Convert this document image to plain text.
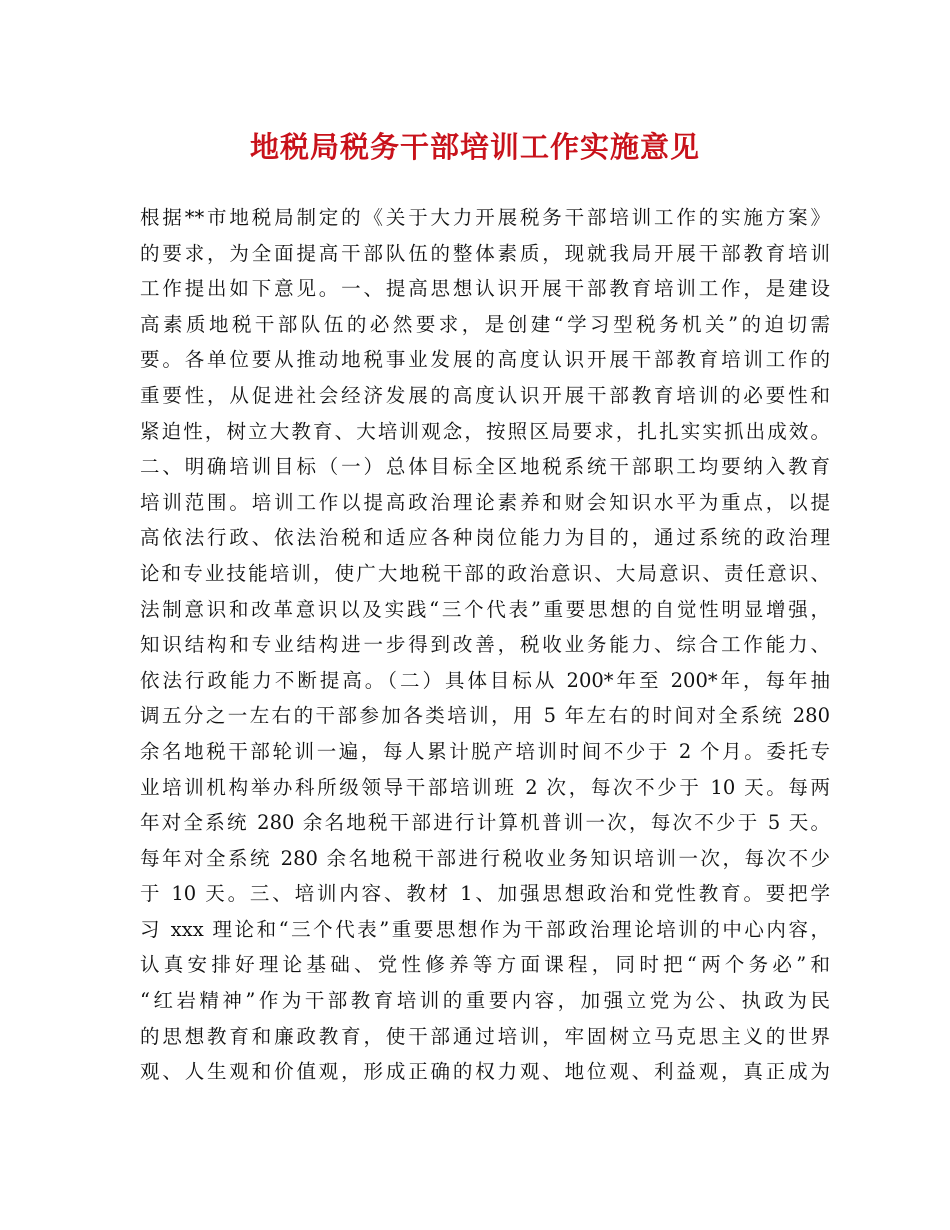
地税局税务干部培训工作实施意见
根据**市地税局制定的《关于大力开展税务干部培训工作的实施方案》
的要求，为全面提高干部队伍的整体素质，现就我局开展干部教育培训
工作提出如下意见。一、提高思想认识开展干部教育培训工作，是建设
高素质地税干部队伍的必然要求，是创建“学习型税务机关”的迫切需
要。各单位要从推动地税事业发展的高度认识开展干部教育培训工作的
重要性，从促进社会经济发展的高度认识开展干部教育培训的必要性和
紧迫性，树立大教育、大培训观念，按照区局要求，扎扎实实抓出成效。
二、明确培训目标（一）总体目标全区地税系统干部职工均要纳入教育
培训范围。培训工作以提高政治理论素养和财会知识水平为重点，以提
高依法行政、依法治税和适应各种岗位能力为目的，通过系统的政治理
论和专业技能培训，使广大地税干部的政治意识、大局意识、责任意识、
法制意识和改革意识以及实践“三个代表”重要思想的自觉性明显增强，
知识结构和专业结构进一步得到改善，税收业务能力、综合工作能力、
依法行政能力不断提高。（二）具体目标从 200*年至 200*年，每年抽
调五分之一左右的干部参加各类培训，用 5 年左右的时间对全系统 280
余名地税干部轮训一遍，每人累计脱产培训时间不少于 2 个月。委托专
业培训机构举办科所级领导干部培训班 2 次，每次不少于 10 天。每两
年对全系统 280 余名地税干部进行计算机普训一次，每次不少于 5 天。
每年对全系统 280 余名地税干部进行税收业务知识培训一次，每次不少
于 10 天。三、培训内容、教材 1、加强思想政治和党性教育。要把学
习 xxx 理论和“三个代表”重要思想作为干部政治理论培训的中心内容，
认真安排好理论基础、党性修养等方面课程，同时把“两个务必”和
“红岩精神”作为干部教育培训的重要内容，加强立党为公、执政为民
的思想教育和廉政教育，使干部通过培训，牢固树立马克思主义的世界
观、人生观和价值观，形成正确的权力观、地位观、利益观，真正成为
